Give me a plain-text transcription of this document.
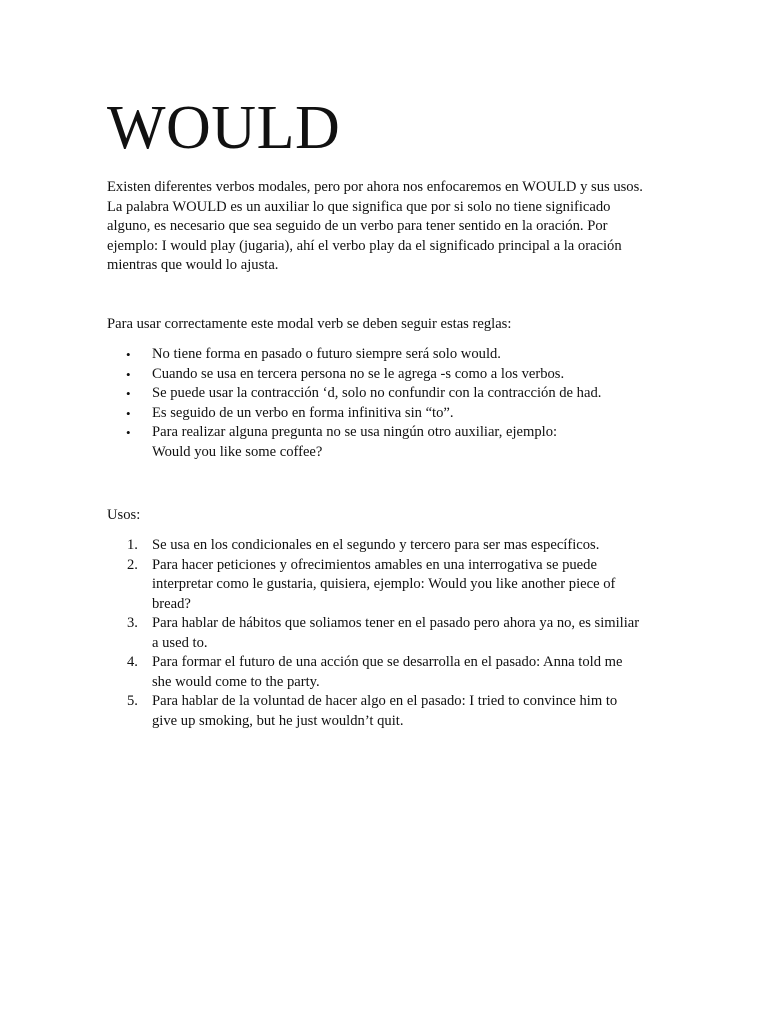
WOULD
Existen diferentes verbos modales, pero por ahora nos enfocaremos en WOULD y sus usos.
La palabra WOULD es un auxiliar lo que significa que por si solo no tiene significado
alguno, es necesario que sea seguido de un verbo para tener sentido en la oración. Por
ejemplo: I would play (jugaria), ahí el verbo play da el significado principal a la oración
mientras que would lo ajusta.
Para usar correctamente este modal verb se deben seguir estas reglas:
• No tiene forma en pasado o futuro siempre será solo would.
• Cuando se usa en tercera persona no se le agrega -s como a los verbos.
• Se puede usar la contracción ‘d, solo no confundir con la contracción de had.
• Es seguido de un verbo en forma infinitiva sin “to”.
• Para realizar alguna pregunta no se usa ningún otro auxiliar, ejemplo:
Would you like some coffee?
Usos:
1. Se usa en los condicionales en el segundo y tercero para ser mas específicos.
2. Para hacer peticiones y ofrecimientos amables en una interrogativa se puede
interpretar como le gustaria, quisiera, ejemplo: Would you like another piece of
bread?
3. Para hablar de hábitos que soliamos tener en el pasado pero ahora ya no, es similiar
a used to.
4. Para formar el futuro de una acción que se desarrolla en el pasado: Anna told me
she would come to the party.
5. Para hablar de la voluntad de hacer algo en el pasado: I tried to convince him to
give up smoking, but he just wouldn’t quit.
